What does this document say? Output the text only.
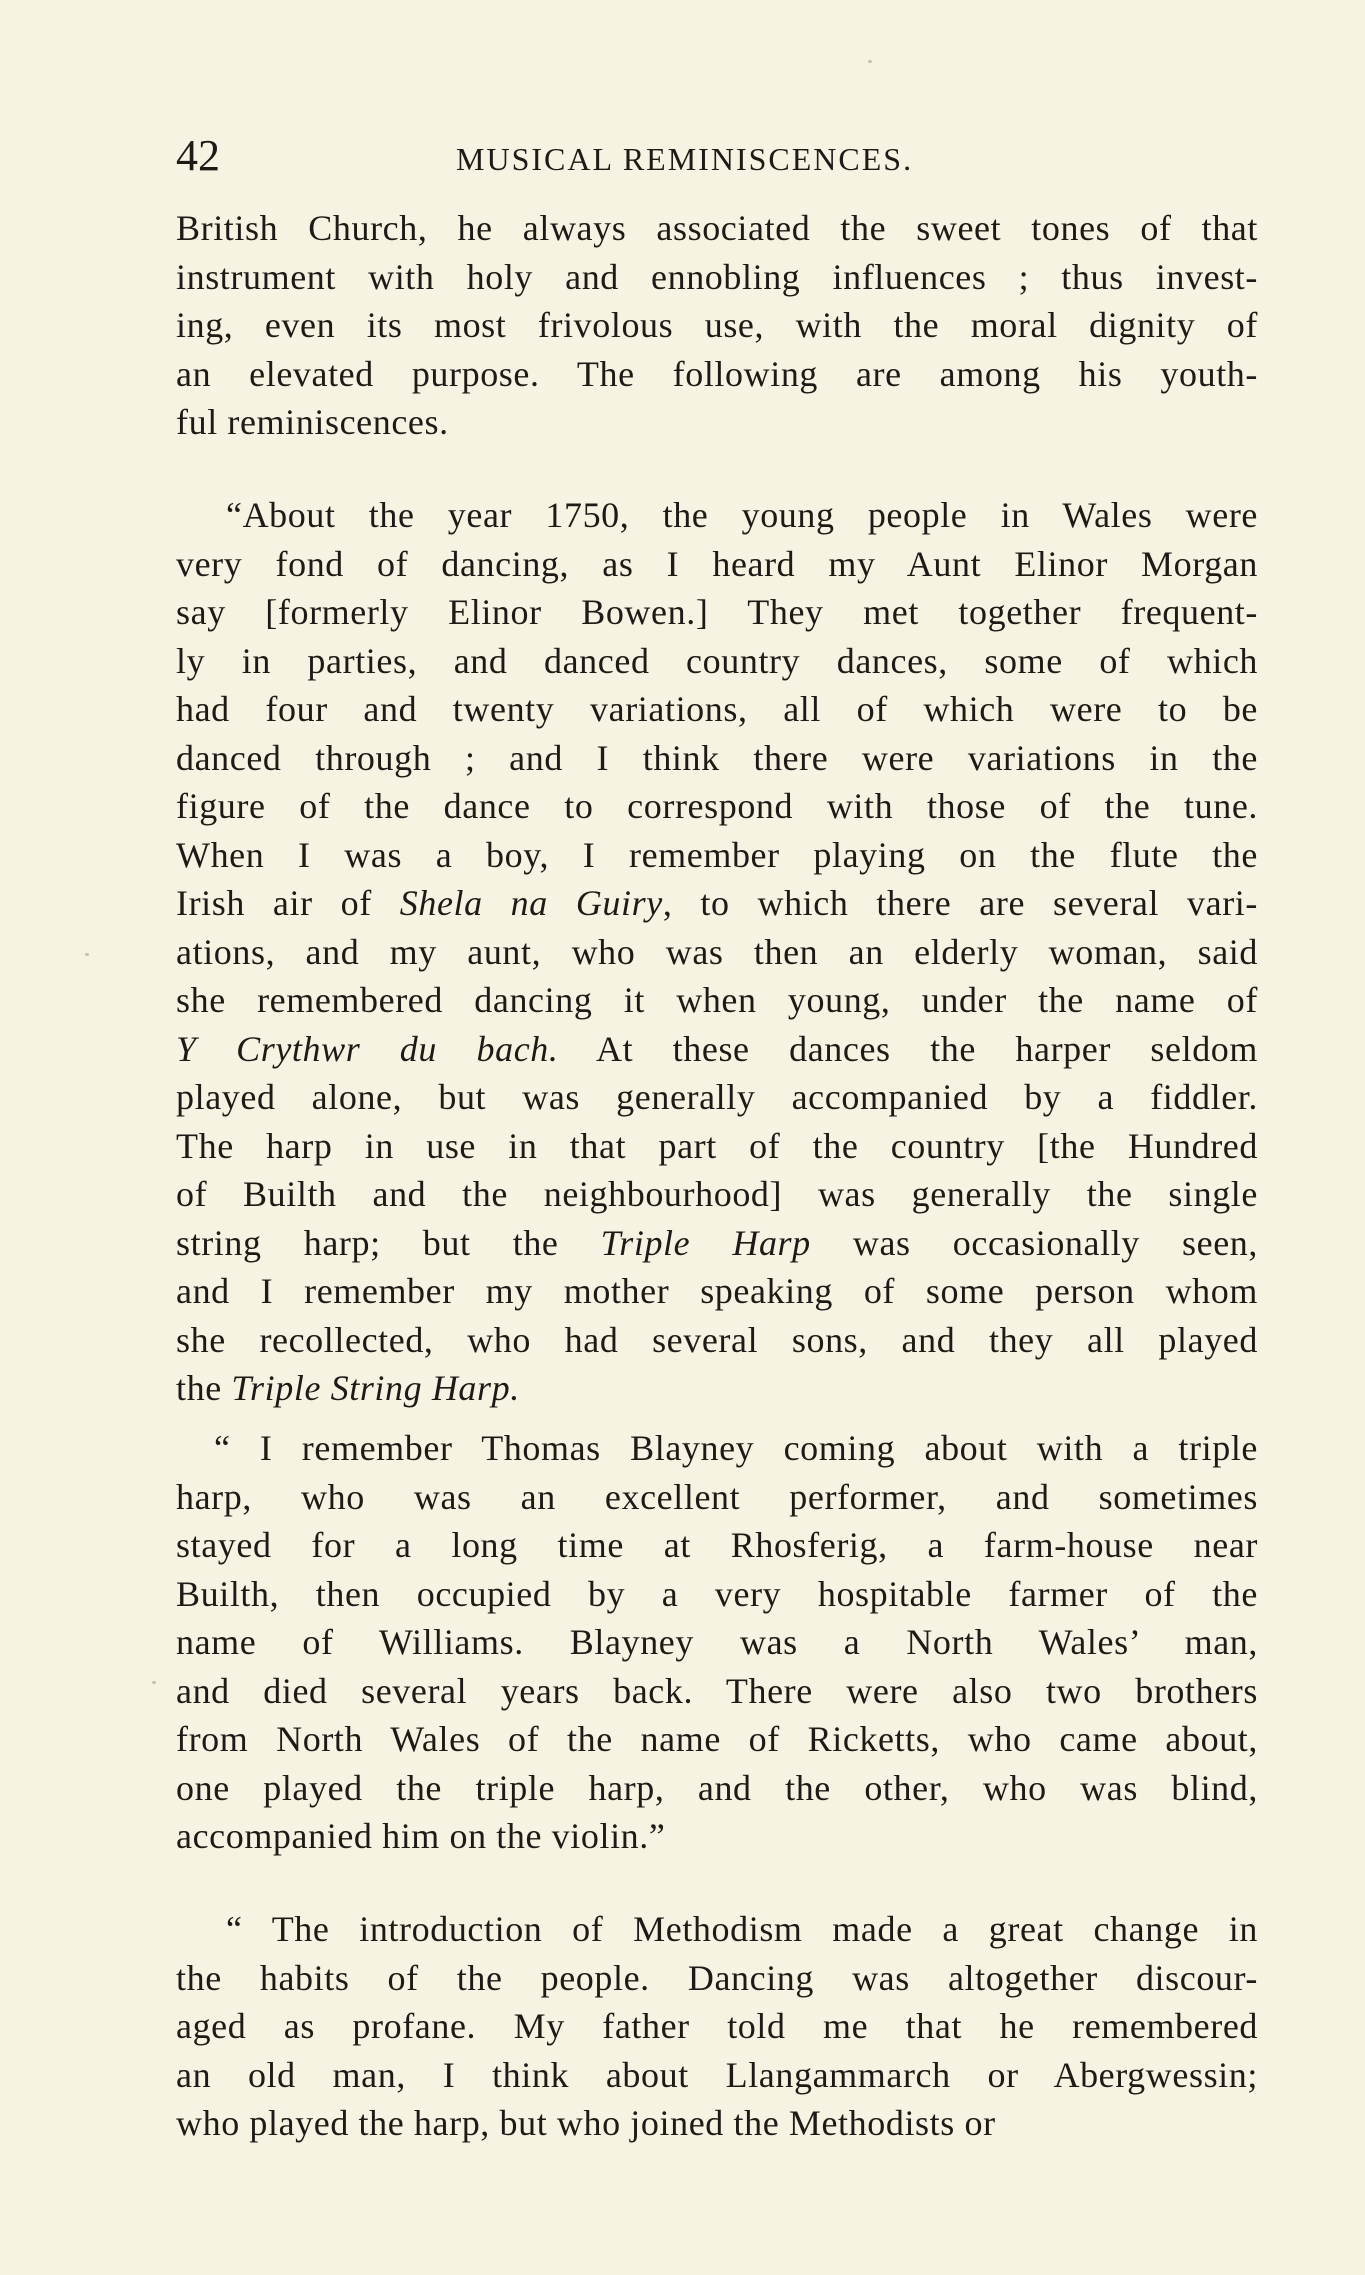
42	MUSICAL REMINISCENCES.
British Church, he always associated the sweet tones of that
instrument with holy and ennobling influences ; thus invest-
ing, even its most frivolous use, with the moral dignity of
an elevated purpose. The following are among his youth-
ful reminiscences.
“About the year 1750, the young people in Wales were
very fond of dancing, as I heard my Aunt Elinor Morgan
say [formerly Elinor Bowen.] They met together frequent-
ly in parties, and danced country dances, some of which
had four and twenty variations, all of which were to be
danced through ; and I think there were variations in the
figure of the dance to correspond with those of the tune.
When I was a boy, I remember playing on the flute the
Irish air of Shela na Guiry, to which there are several vari-
ations, and my aunt, who was then an elderly woman, said
she remembered dancing it when young, under the name of
Y Crythwr du bach. At these dances the harper seldom
played alone, but was generally accompanied by a fiddler.
The harp in use in that part of the country [the Hundred
of Builth and the neighbourhood] was generally the single
string harp; but the Triple Harp was occasionally seen,
and I remember my mother speaking of some person whom
she recollected, who had several sons, and they all played
the Triple String Harp.
“ I remember Thomas Blayney coming about with a triple
harp, who was an excellent performer, and sometimes
stayed for a long time at Rhosferig, a farm-house near
Builth, then occupied by a very hospitable farmer of the
name of Williams. Blayney was a North Wales’ man,
and died several years back. There were also two brothers
from North Wales of the name of Ricketts, who came about,
one played the triple harp, and the other, who was blind,
accompanied him on the violin.”
“ The introduction of Methodism made a great change in
the habits of the people. Dancing was altogether discour-
aged as profane. My father told me that he remembered
an old man, I think about Llangammarch or Abergwessin;
who played the harp, but who joined the Methodists or
